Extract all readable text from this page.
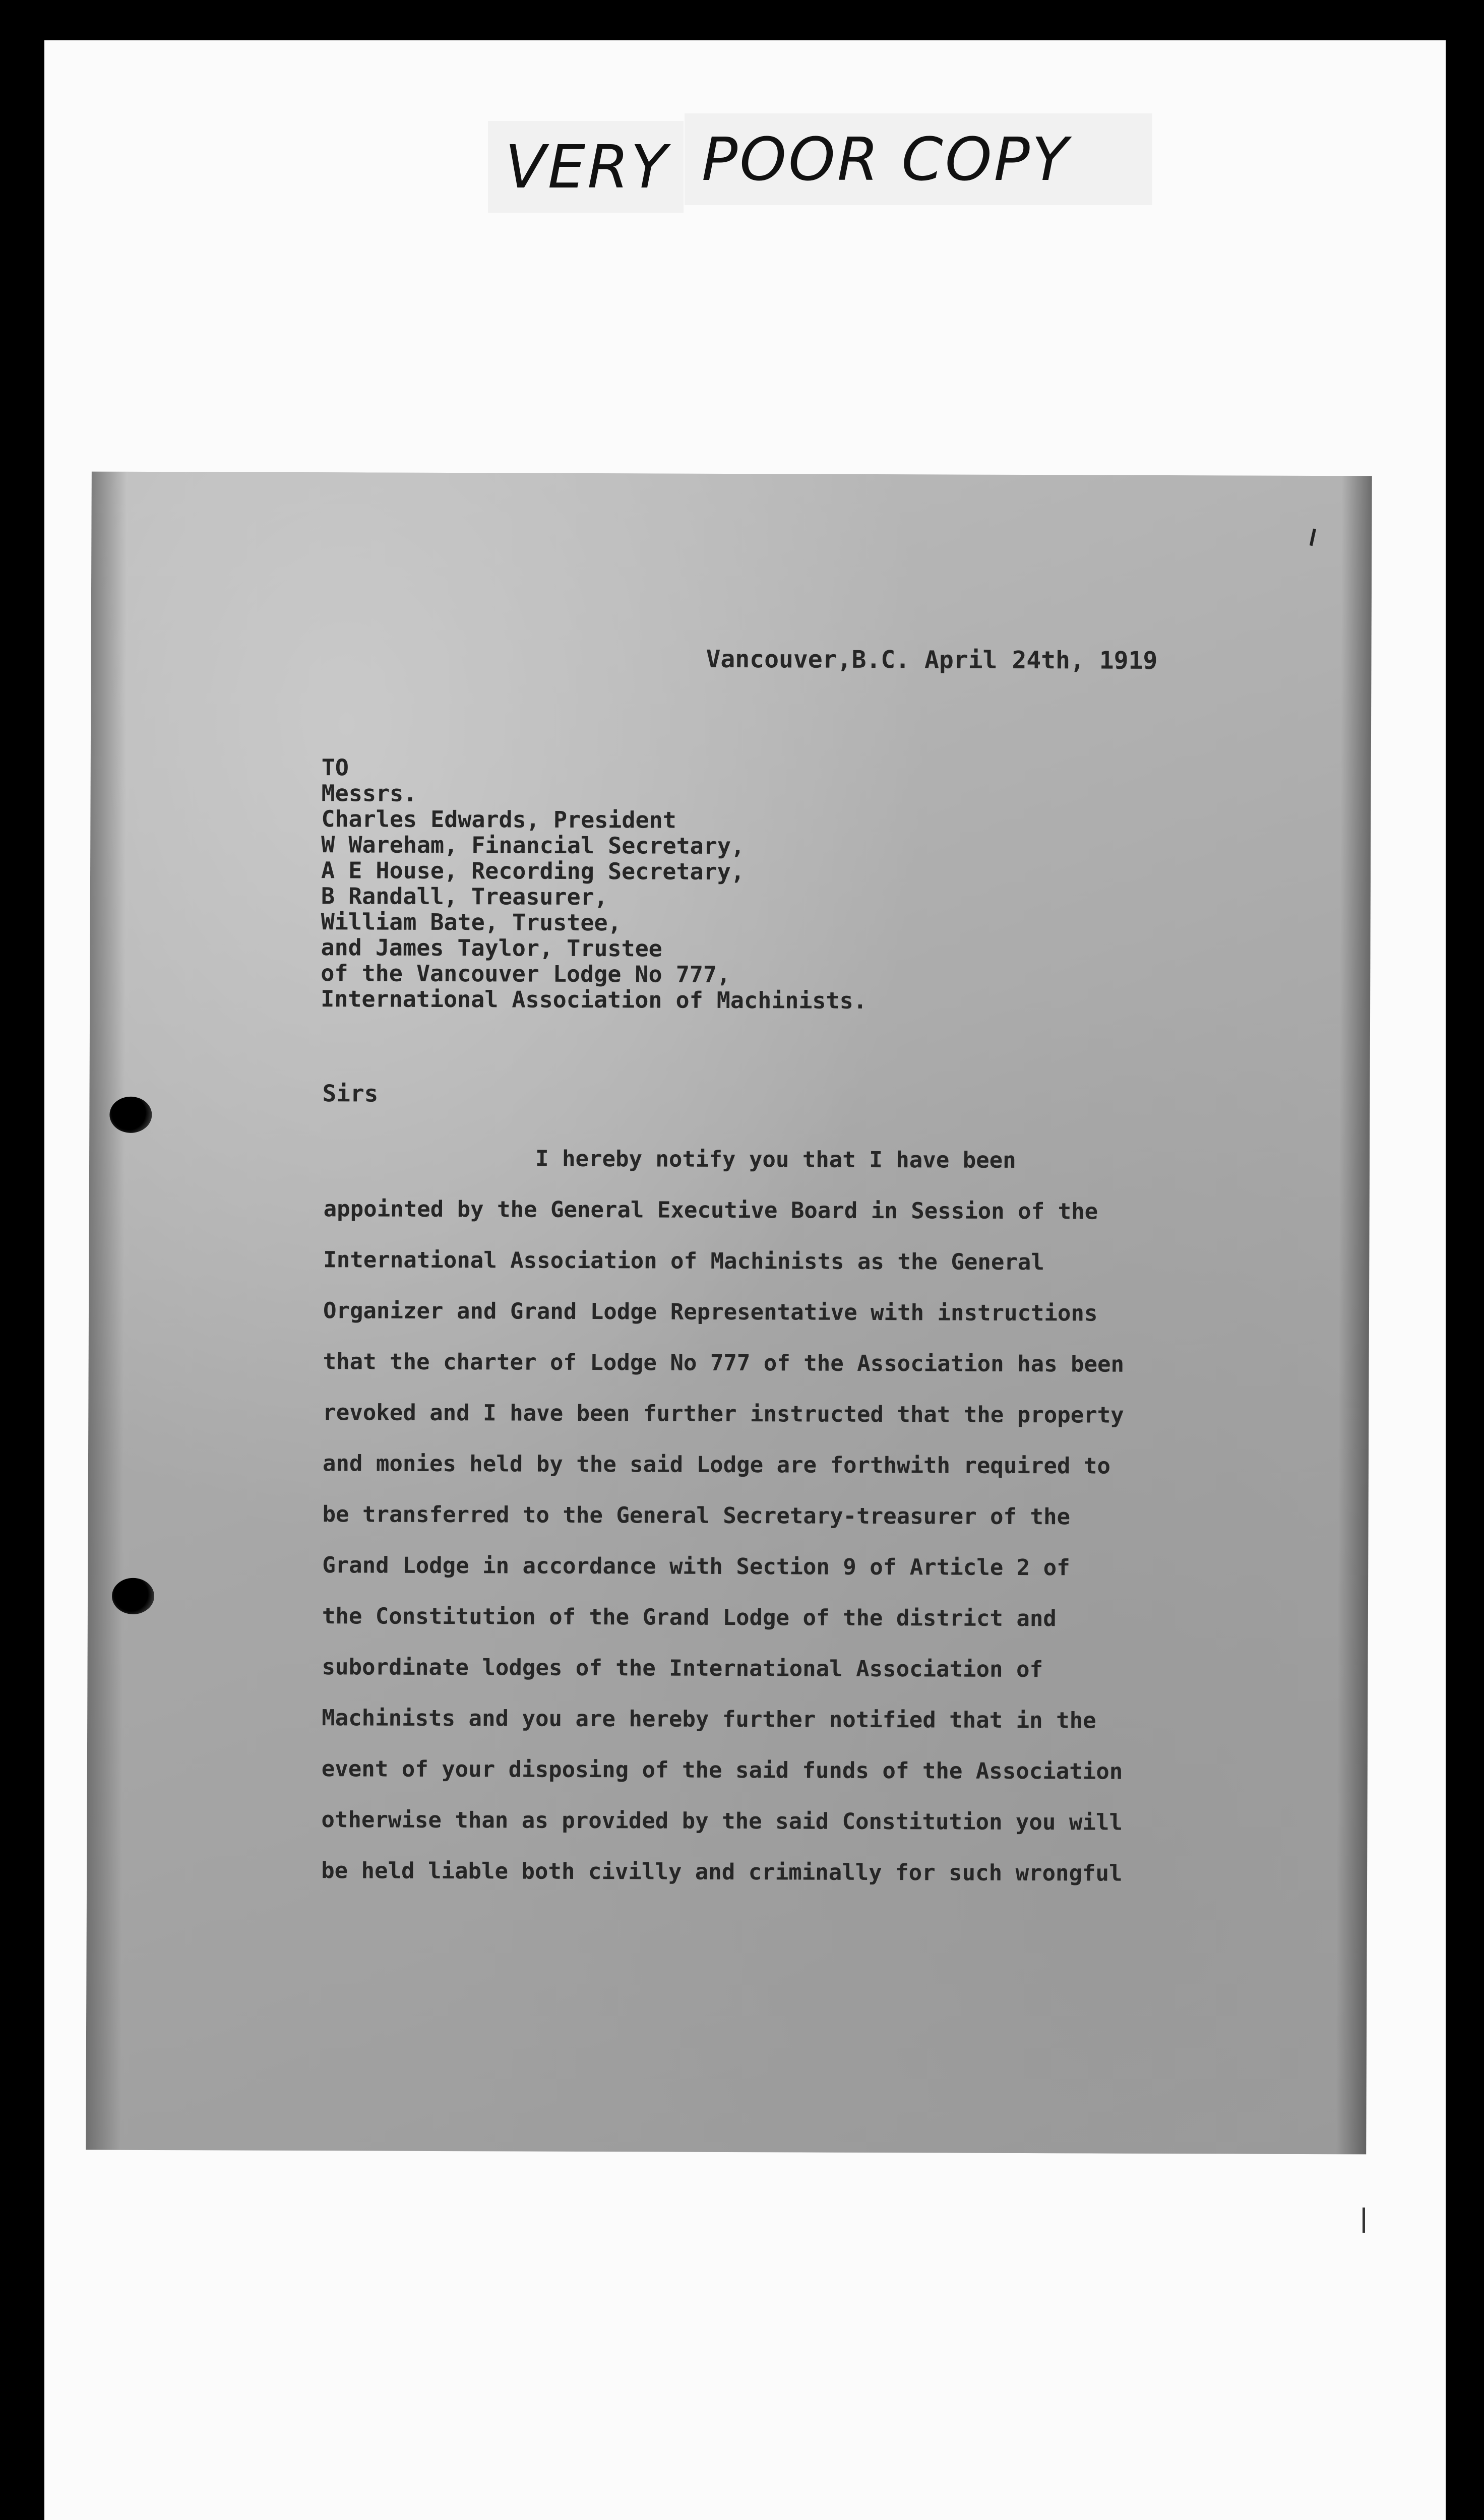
VERY POOR COPY
Vancouver,B.C. April 24th, 1919
TO
Messrs.
Charles Edwards, President
W Wareham, Financial Secretary,
A E House, Recording Secretary,
B Randall, Treasurer,
William Bate, Trustee,
and James Taylor, Trustee
of the Vancouver Lodge No 777,
International Association of Machinists.
Sirs
I hereby notify you that I have been
appointed by the General Executive Board in Session of the
International Association of Machinists as the General
Organizer and Grand Lodge Representative with instructions
that the charter of Lodge No 777 of the Association has been
revoked and I have been further instructed that the property
and monies held by the said Lodge are forthwith required to
be transferred to the General Secretary-treasurer of the
Grand Lodge in accordance with Section 9 of Article 2 of
the Constitution of the Grand Lodge of the district and
subordinate lodges of the International Association of
Machinists and you are hereby further notified that in the
event of your disposing of the said funds of the Association
otherwise than as provided by the said Constitution you will
be held liable both civilly and criminally for such wrongful
